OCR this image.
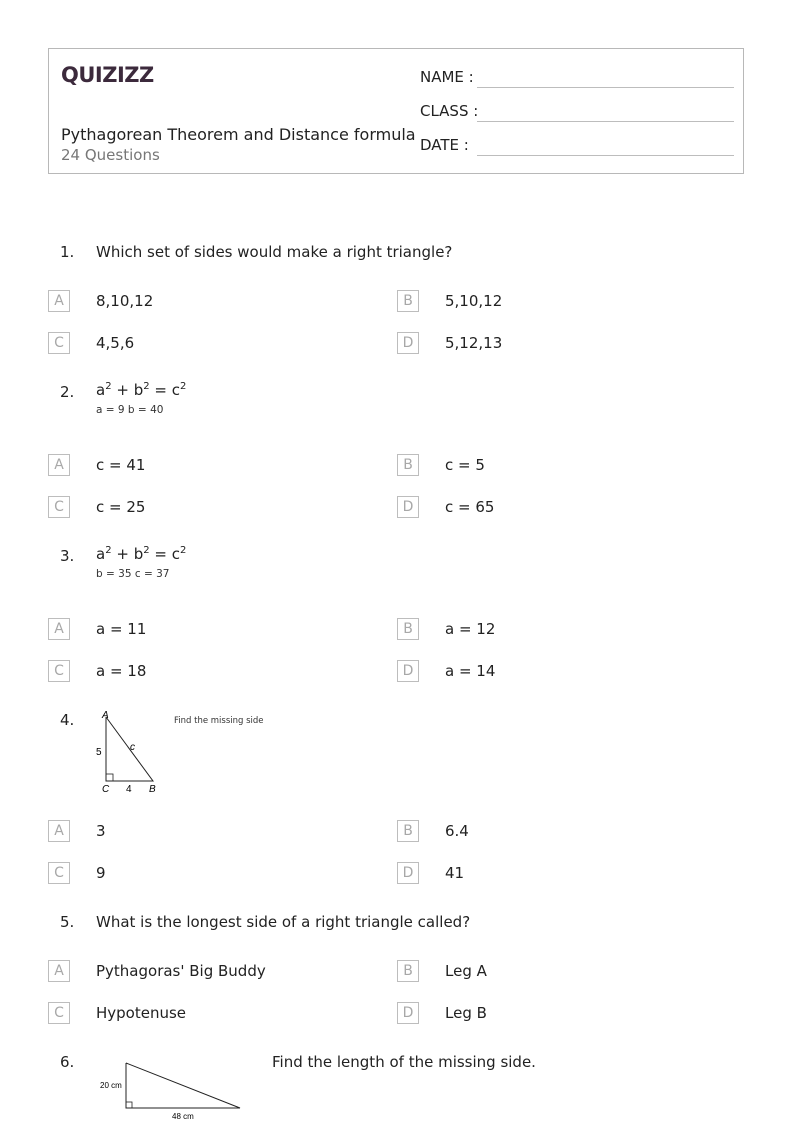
QUIZIZZ
Pythagorean Theorem and Distance formula
24 Questions
NAME :
CLASS :
DATE :
1. Which set of sides would make a right triangle?
A	8,10,12	B	5,10,12
C	4,5,6	D	5,12,13
2. $a^2 + b^2 = c^2$
a = 9 b = 40
A	c = 41	B	c = 5
C	c = 25	D	c = 65
3. $a^2 + b^2 = c^2$
b = 35 c = 37
A	a = 11	B	a = 12
C	a = 18	D	a = 14
4.	A
C	B
5
4
c
Find the missing side
A	3	B	6.4
C	9	D	41
5. What is the longest side of a right triangle called?
A	Pythagoras' Big Buddy	B	Leg A
C	Hypotenuse	D	Leg B
6.
20 cm
48 cm
Find the length of the missing side.
